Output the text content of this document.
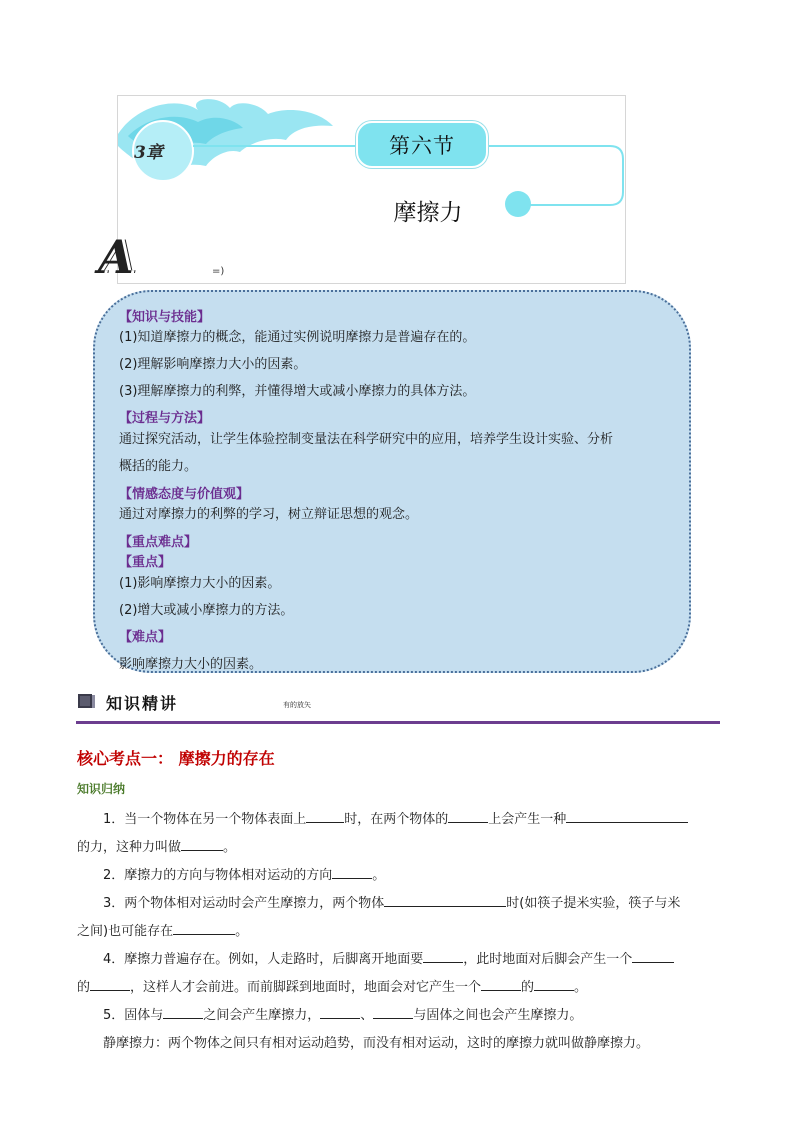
3章	第六节
摩擦力
A	=)
【知识与技能】
(1)知道摩擦力的概念，能通过实例说明摩擦力是普遍存在的。
(2)理解影响摩擦力大小的因素。
(3)理解摩擦力的利弊，并懂得增大或减小摩擦力的具体方法。
【过程与方法】
通过探究活动，让学生体验控制变量法在科学研究中的应用，培养学生设计实验、分析
概括的能力。
【情感态度与价值观】
通过对摩擦力的利弊的学习，树立辩证思想的观念。
【重点难点】
【重点】
(1)影响摩擦力大小的因素。
(2)增大或减小摩擦力的方法。
【难点】
影响摩擦力大小的因素。
知识精讲	有的放矢
核心考点一： 摩擦力的存在
知识归纳
1．当一个物体在另一个物体表面上	时，在两个物体的	上会产生一种
的力，这种力叫做	。
2．摩擦力的方向与物体相对运动的方向	。
3．两个物体相对运动时会产生摩擦力，两个物体	时(如筷子提米实验，筷子与米
之间)也可能存在	。
4．摩擦力普遍存在。例如，人走路时，后脚离开地面要	，此时地面对后脚会产生一个
的	，这样人才会前进。而前脚踩到地面时，地面会对它产生一个	的	。
5．固体与	之间会产生摩擦力，	、	与固体之间也会产生摩擦力。
静摩擦力：两个物体之间只有相对运动趋势，而没有相对运动，这时的摩擦力就叫做静摩擦力。
